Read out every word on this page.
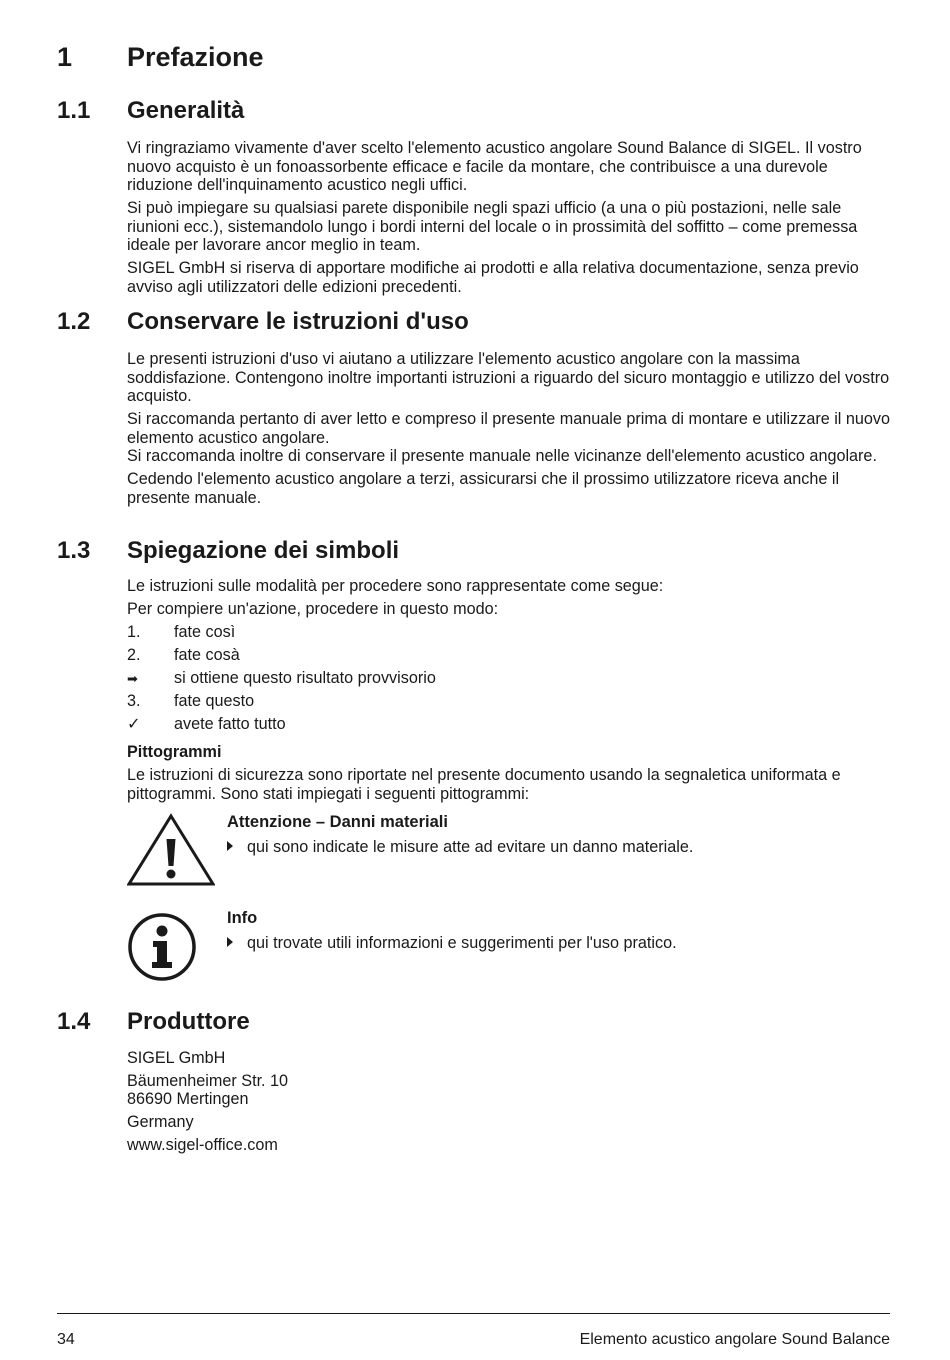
1 Prefazione
1.1 Generalità

Vi ringraziamo vivamente d'aver scelto l'elemento acustico angolare Sound Balance di SIGEL. Il vostro nuovo acquisto è un fonoassorbente efficace e facile da montare, che contribuisce a una durevole riduzione dell'inquinamento acustico negli uffici.

Si può impiegare su qualsiasi parete disponibile negli spazi ufficio (a una o più postazioni, nelle sale riunioni ecc.), sistemandolo lungo i bordi interni del locale o in prossimità del soffitto – come premessa ideale per lavorare ancor meglio in team.

SIGEL GmbH si riserva di apportare modifiche ai prodotti e alla relativa documentazione, senza previo avviso agli utilizzatori delle edizioni precedenti.

1.2 Conservare le istruzioni d'uso

Le presenti istruzioni d'uso vi aiutano a utilizzare l'elemento acustico angolare con la massima soddisfazione. Contengono inoltre importanti istruzioni a riguardo del sicuro montaggio e utilizzo del vostro acquisto.

Si raccomanda pertanto di aver letto e compreso il presente manuale prima di montare e utilizzare il nuovo elemento acustico angolare.

Si raccomanda inoltre di conservare il presente manuale nelle vicinanze dell'elemento acustico angolare.

Cedendo l'elemento acustico angolare a terzi, assicurarsi che il prossimo utilizzatore riceva anche il presente manuale.

1.3 Spiegazione dei simboli
Le istruzioni sulle modalità per procedere sono rappresentate come segue:
Per compiere un'azione, procedere in questo modo:
1. fate così
2. fate cosà
➡ si ottiene questo risultato provvisorio
3. fate questo
✓ avete fatto tutto
Pittogrammi

Le istruzioni di sicurezza sono riportate nel presente documento usando la segnaletica uniformata e pittogrammi. Sono stati impiegati i seguenti pittogrammi:

Attenzione – Danni materiali
qui sono indicate le misure atte ad evitare un danno materiale.
Info
qui trovate utili informazioni e suggerimenti per l'uso pratico.
1.4 Produttore
SIGEL GmbH
Bäumenheimer Str. 10
86690 Mertingen
Germany
www.sigel-office.com
34	Elemento acustico angolare Sound Balance
